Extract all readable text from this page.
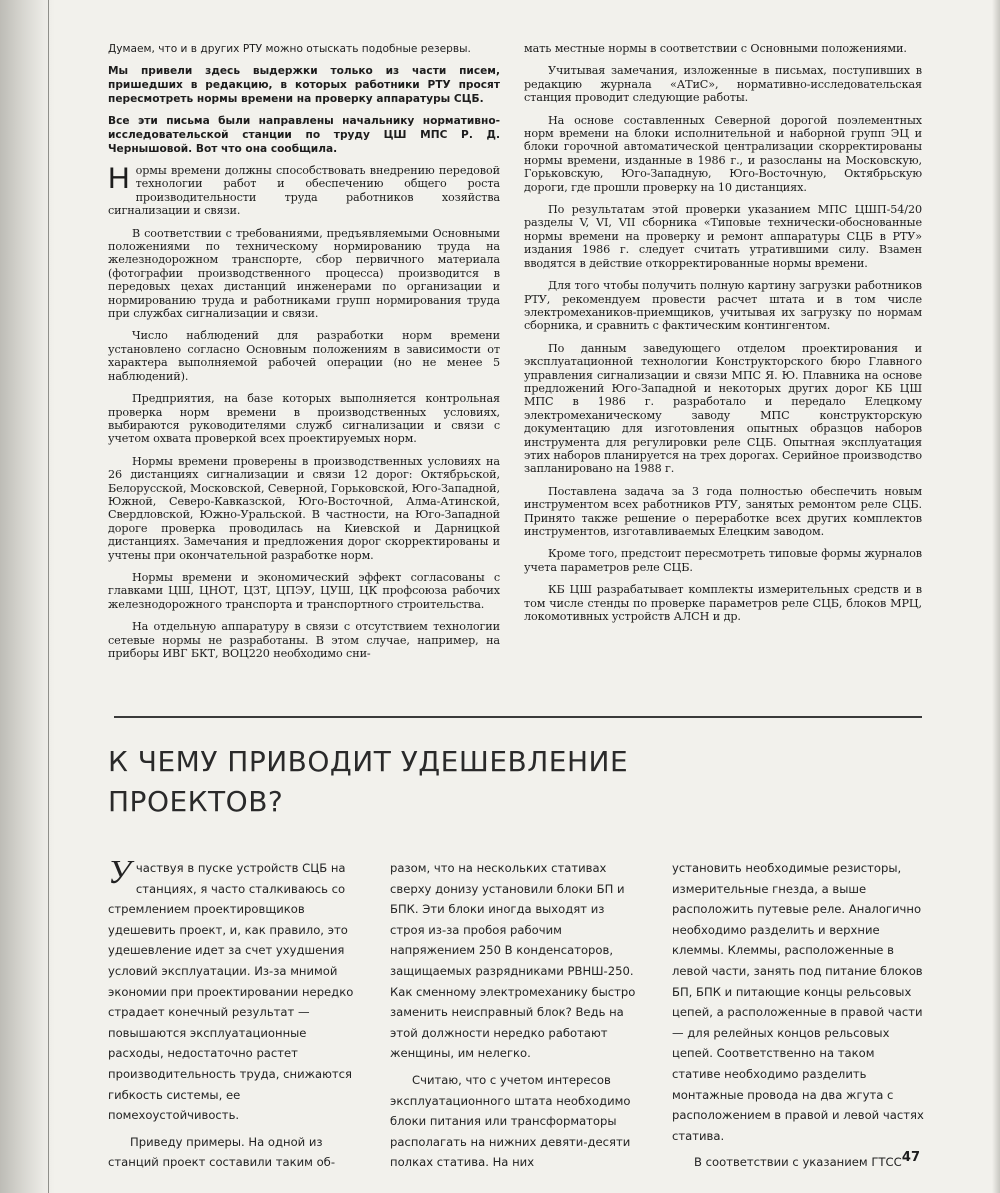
Думаем, что и в других РТУ можно отыскать подобные резервы.

Мы привели здесь выдержки только из части писем, пришедших в редакцию, в которых работники РТУ просят пересмотреть нормы времени на проверку аппаратуры СЦБ.

Все эти письма были направлены начальнику нормативно-исследовательской станции по труду ЦШ МПС Р. Д. Чернышовой. Вот что она сообщила.

Нормы времени должны способствовать внедрению передовой технологии работ и обеспечению общего роста производительности труда работников хозяйства сигнализации и связи.

В соответствии с требованиями, предъявляемыми Основными положениями по техническому нормированию труда на железнодорожном транспорте, сбор первичного материала (фотографии производственного процесса) производится в передовых цехах дистанций инженерами по организации и нормированию труда и работниками групп нормирования труда при службах сигнализации и связи.

Число наблюдений для разработки норм времени установлено согласно Основным положениям в зависимости от характера выполняемой рабочей операции (но не менее 5 наблюдений).

Предприятия, на базе которых выполняется контрольная проверка норм времени в производственных условиях, выбираются руководителями служб сигнализации и связи с учетом охвата проверкой всех проектируемых норм.

Нормы времени проверены в производственных условиях на 26 дистанциях сигнализации и связи 12 дорог: Октябрьской, Белорусской, Московской, Северной, Горьковской, Юго-Западной, Южной, Северо-Кавказской, Юго-Восточной, Алма-Атинской, Свердловской, Южно-Уральской. В частности, на Юго-Западной дороге проверка проводилась на Киевской и Дарницкой дистанциях. Замечания и предложения дорог скорректированы и учтены при окончательной разработке норм.

Нормы времени и экономический эффект согласованы с главками ЦШ, ЦНОТ, ЦЗТ, ЦПЭУ, ЦУШ, ЦК профсоюза рабочих железнодорожного транспорта и транспортного строительства.

На отдельную аппаратуру в связи с отсутствием технологии сетевые нормы не разработаны. В этом случае, например, на приборы ИВГ БКТ, ВОЦ220 необходимо сни-

мать местные нормы в соответствии с Основными положениями.

Учитывая замечания, изложенные в письмах, поступивших в редакцию журнала «АТиС», нормативно-исследовательская станция проводит следующие работы.

На основе составленных Северной дорогой поэлементных норм времени на блоки исполнительной и наборной групп ЭЦ и блоки горочной автоматической централизации скорректированы нормы времени, изданные в 1986 г., и разосланы на Московскую, Горьковскую, Юго-Западную, Юго-Восточную, Октябрьскую дороги, где прошли проверку на 10 дистанциях.

По результатам этой проверки указанием МПС ЦШП-54/20 разделы V, VI, VII сборника «Типовые технически-обоснованные нормы времени на проверку и ремонт аппаратуры СЦБ в РТУ» издания 1986 г. следует считать утратившими силу. Взамен вводятся в действие откорректированные нормы времени.

Для того чтобы получить полную картину загрузки работников РТУ, рекомендуем провести расчет штата и в том числе электромехаников-приемщиков, учитывая их загрузку по нормам сборника, и сравнить с фактическим контингентом.

По данным заведующего отделом проектирования и эксплуатационной технологии Конструкторского бюро Главного управления сигнализации и связи МПС Я. Ю. Плавника на основе предложений Юго-Западной и некоторых других дорог КБ ЦШ МПС в 1986 г. разработало и передало Елецкому электромеханическому заводу МПС конструкторскую документацию для изготовления опытных образцов наборов инструмента для регулировки реле СЦБ. Опытная эксплуатация этих наборов планируется на трех дорогах. Серийное производство запланировано на 1988 г.

Поставлена задача за 3 года полностью обеспечить новым инструментом всех работников РТУ, занятых ремонтом реле СЦБ. Принято также решение о переработке всех других комплектов инструментов, изготавливаемых Елецким заводом.

Кроме того, предстоит пересмотреть типовые формы журналов учета параметров реле СЦБ.

КБ ЦШ разрабатывает комплекты измерительных средств и в том числе стенды по проверке параметров реле СЦБ, блоков МРЦ, локомотивных устройств АЛСН и др.

К ЧЕМУ ПРИВОДИТ УДЕШЕВЛЕНИЕ
ПРОЕКТОВ?

Участвуя в пуске устройств СЦБ на станциях, я часто сталкиваюсь со стремлением проектировщиков удешевить проект, и, как правило, это удешевление идет за счет ухудшения условий эксплуатации. Из-за мнимой экономии при проектировании нередко страдает конечный результат — повышаются эксплуатационные расходы, недостаточно растет производительность труда, снижаются гибкость системы, ее помехоустойчивость.

Приведу примеры. На одной из станций проект составили таким об-

разом, что на нескольких стативах сверху донизу установили блоки БП и БПК. Эти блоки иногда выходят из строя из-за пробоя рабочим напряжением 250 В конденсаторов, защищаемых разрядниками РВНШ-250. Как сменному электромеханику быстро заменить неисправный блок? Ведь на этой должности нередко работают женщины, им нелегко.

Считаю, что с учетом интересов эксплуатационного штата необходимо блоки питания или трансформаторы располагать на нижних девяти-десяти полках статива. На них

установить необходимые резисторы, измерительные гнезда, а выше расположить путевые реле. Аналогично необходимо разделить и верхние клеммы. Клеммы, расположенные в левой части, занять под питание блоков БП, БПК и питающие концы рельсовых цепей, а расположенные в правой части — для релейных концов рельсовых цепей. Соответственно на таком стативе необходимо разделить монтажные провода на два жгута с расположением в правой и левой частях статива.

В соответствии с указанием ГТСС 47
